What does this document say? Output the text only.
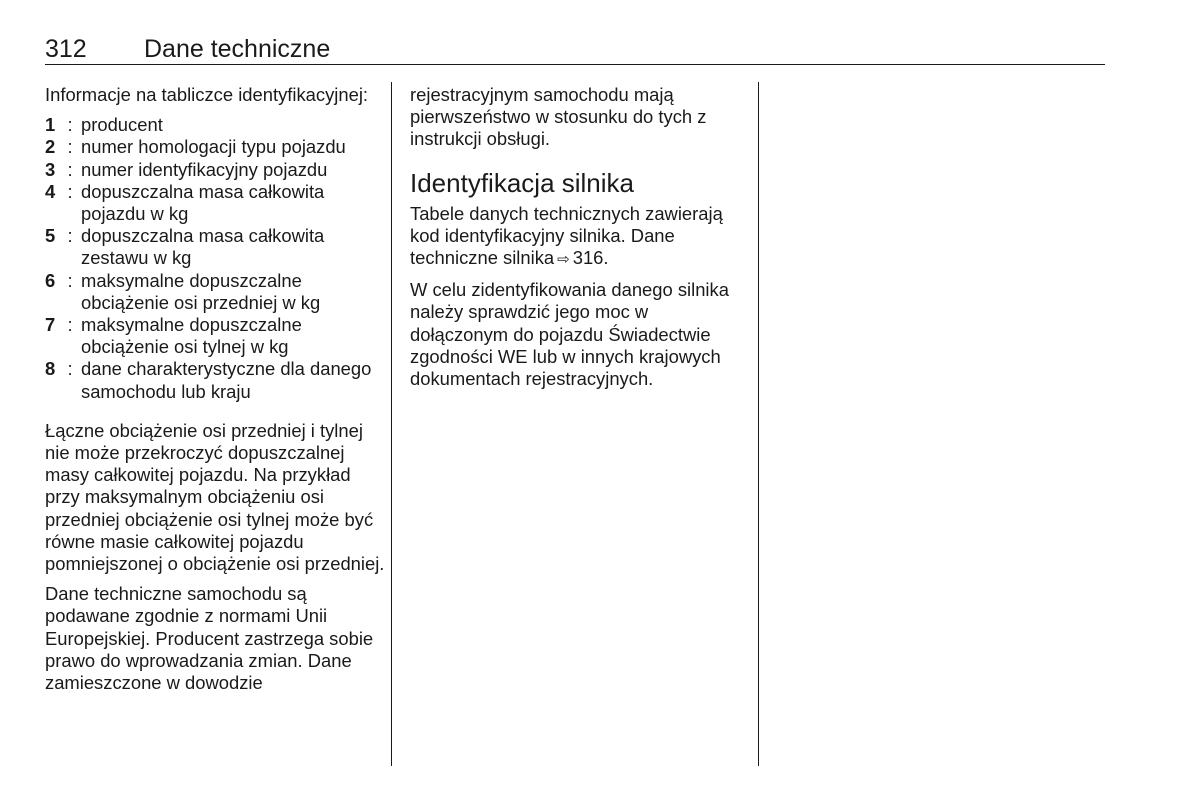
312 Dane techniczne

Informacje na tabliczce identyfikacyjnej:

1 : producent
2 : numer homologacji typu pojazdu
3 : numer identyfikacyjny pojazdu
4 : dopuszczalna masa całkowita pojazdu w kg
5 : dopuszczalna masa całkowita zestawu w kg
6 : maksymalne dopuszczalne obciążenie osi przedniej w kg
7 : maksymalne dopuszczalne obciążenie osi tylnej w kg
8 : dane charakterystyczne dla danego samochodu lub kraju

Łączne obciążenie osi przedniej i tylnej nie może przekroczyć dopuszczalnej masy całkowitej pojazdu. Na przykład przy maksymalnym obciążeniu osi przedniej obciążenie osi tylnej może być równe masie całkowitej pojazdu pomniejszonej o obciążenie osi przedniej.

Dane techniczne samochodu są podawane zgodnie z normami Unii Europejskiej. Producent zastrzega sobie prawo do wprowadzania zmian. Dane zamieszczone w dowodzie

rejestracyjnym samochodu mają pierwszeństwo w stosunku do tych z instrukcji obsługi.

Identyfikacja silnika

Tabele danych technicznych zawierają kod identyfikacyjny silnika. Dane techniczne silnika ⇨ 316.

W celu zidentyfikowania danego silnika należy sprawdzić jego moc w dołączonym do pojazdu Świadectwie zgodności WE lub w innych krajowych dokumentach rejestracyjnych.
